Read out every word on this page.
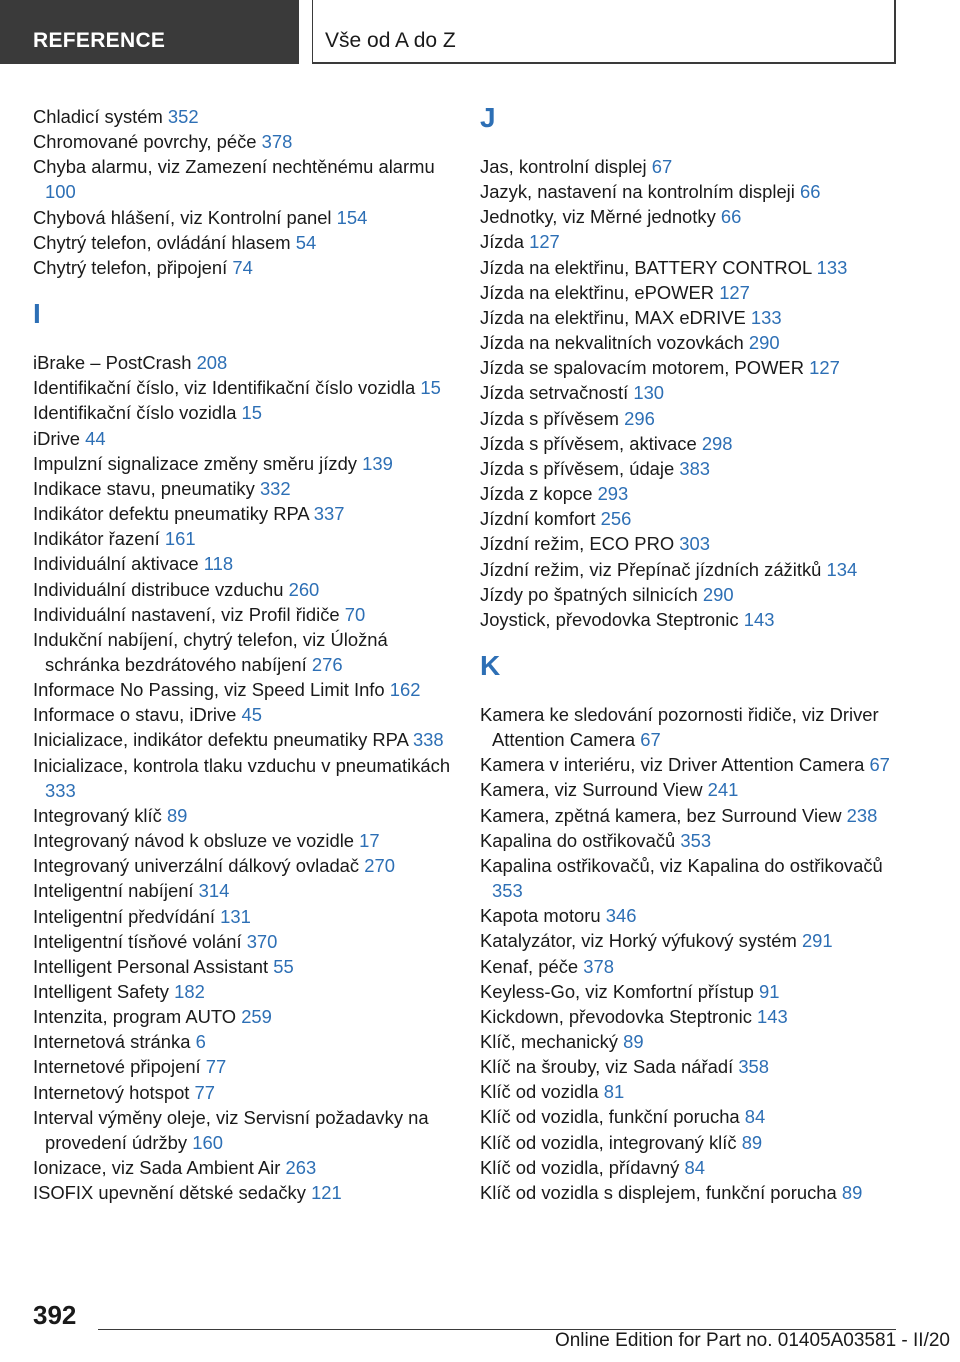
REFERENCE	Vše od A do Z
Chladicí systém 352
Chromované povrchy, péče 378
Chyba alarmu, viz Zamezení nechtěnému alarmu 100
Chybová hlášení, viz Kontrolní panel 154
Chytrý telefon, ovládání hlasem 54
Chytrý telefon, připojení 74
I
iBrake – PostCrash 208
Identifikační číslo, viz Identifikační číslo vozidla 15
Identifikační číslo vozidla 15
iDrive 44
Impulzní signalizace změny směru jízdy 139
Indikace stavu, pneumatiky 332
Indikátor defektu pneumatiky RPA 337
Indikátor řazení 161
Individuální aktivace 118
Individuální distribuce vzduchu 260
Individuální nastavení, viz Profil řidiče 70
Indukční nabíjení, chytrý telefon, viz Úložná schránka bezdrátového nabíjení 276
Informace No Passing, viz Speed Limit Info 162
Informace o stavu, iDrive 45
Inicializace, indikátor defektu pneumatiky RPA 338
Inicializace, kontrola tlaku vzduchu v pneumatikách 333
Integrovaný klíč 89
Integrovaný návod k obsluze ve vozidle 17
Integrovaný univerzální dálkový ovladač 270
Inteligentní nabíjení 314
Inteligentní předvídání 131
Inteligentní tísňové volání 370
Intelligent Personal Assistant 55
Intelligent Safety 182
Intenzita, program AUTO 259
Internetová stránka 6
Internetové připojení 77
Internetový hotspot 77
Interval výměny oleje, viz Servisní požadavky na provedení údržby 160
Ionizace, viz Sada Ambient Air 263
ISOFIX upevnění dětské sedačky 121
J
Jas, kontrolní displej 67
Jazyk, nastavení na kontrolním displeji 66
Jednotky, viz Měrné jednotky 66
Jízda 127
Jízda na elektřinu, BATTERY CONTROL 133
Jízda na elektřinu, ePOWER 127
Jízda na elektřinu, MAX eDRIVE 133
Jízda na nekvalitních vozovkách 290
Jízda se spalovacím motorem, POWER 127
Jízda setrvačností 130
Jízda s přívěsem 296
Jízda s přívěsem, aktivace 298
Jízda s přívěsem, údaje 383
Jízda z kopce 293
Jízdní komfort 256
Jízdní režim, ECO PRO 303
Jízdní režim, viz Přepínač jízdních zážitků 134
Jízdy po špatných silnicích 290
Joystick, převodovka Steptronic 143
K
Kamera ke sledování pozornosti řidiče, viz Driver Attention Camera 67
Kamera v interiéru, viz Driver Attention Camera 67
Kamera, viz Surround View 241
Kamera, zpětná kamera, bez Surround View 238
Kapalina do ostřikovačů 353
Kapalina ostřikovačů, viz Kapalina do ostřikovačů 353
Kapota motoru 346
Katalyzátor, viz Horký výfukový systém 291
Kenaf, péče 378
Keyless-Go, viz Komfortní přístup 91
Kickdown, převodovka Steptronic 143
Klíč, mechanický 89
Klíč na šrouby, viz Sada nářadí 358
Klíč od vozidla 81
Klíč od vozidla, funkční porucha 84
Klíč od vozidla, integrovaný klíč 89
Klíč od vozidla, přídavný 84
Klíč od vozidla s displejem, funkční porucha 89
392
Online Edition for Part no. 01405A03581 - II/20
